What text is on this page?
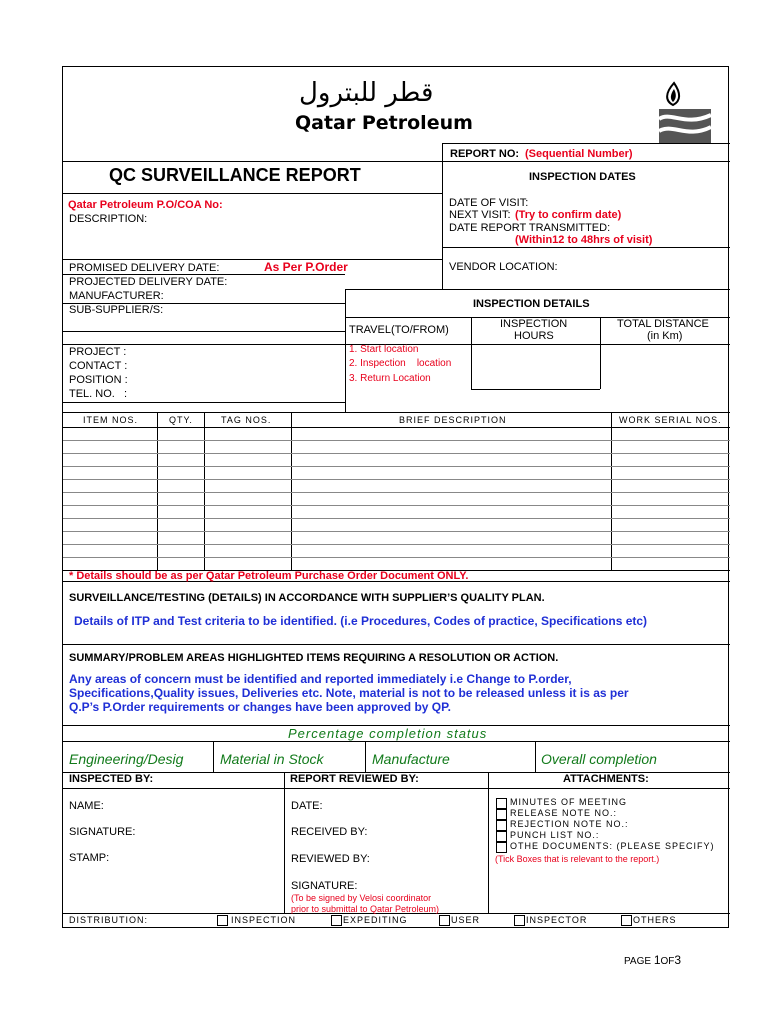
قطر للبترول
Qatar Petroleum
QC SURVEILLANCE REPORT
REPORT NO: (Sequential Number)
INSPECTION DATES
Qatar Petroleum P.O/COA No:
DESCRIPTION:
PROMISED DELIVERY DATE:	As Per P.Order
PROJECTED DELIVERY DATE:
MANUFACTURER:
SUB-SUPPLIER/S:
PROJECT :
CONTACT :
POSITION :
TEL. NO.   :
DATE OF VISIT:
NEXT VISIT: (Try to confirm date)
DATE REPORT TRANSMITTED:
(Within12 to 48hrs of visit)
VENDOR LOCATION:
INSPECTION DETAILS
TRAVEL(TO/FROM)	INSPECTION
HOURS
TOTAL DISTANCE
(in Km)
1. Start location
2. Inspection    location
3. Return Location
ITEM NOS.	QTY.	TAG NOS.	BRIEF DESCRIPTION	WORK SERIAL NOS.
* Details should be as per Qatar Petroleum Purchase Order Document ONLY.
SURVEILLANCE/TESTING (DETAILS) IN ACCORDANCE WITH SUPPLIER’S QUALITY PLAN.
Details of ITP and Test criteria to be identified. (i.e Procedures, Codes of practice, Specifications etc)
SUMMARY/PROBLEM AREAS HIGHLIGHTED ITEMS REQUIRING A RESOLUTION OR ACTION.
Any areas of concern must be identified and reported immediately i.e Change to P.order,
Specifications,Quality issues, Deliveries etc. Note, material is not to be released unless it is as per
Q.P’s P.Order requirements or changes have been approved by QP.
Percentage completion status
Engineering/Desig	Material in Stock	Manufacture	Overall completion
INSPECTED BY:	REPORT REVIEWED BY:	ATTACHMENTS:
NAME:
SIGNATURE:
STAMP:
DATE:
RECEIVED BY:
REVIEWED BY:
SIGNATURE:
(To be signed by Velosi coordinator
prior to submittal to Qatar Petroleum)
MINUTES OF MEETING
RELEASE NOTE NO.:
REJECTION NOTE NO.:
PUNCH LIST NO.:
OTHE DOCUMENTS: (PLEASE SPECIFY)
(Tick Boxes that is relevant to the report.)
DISTRIBUTION:	INSPECTION	EXPEDITING	USER	INSPECTOR	OTHERS
PAGE 1OF3
